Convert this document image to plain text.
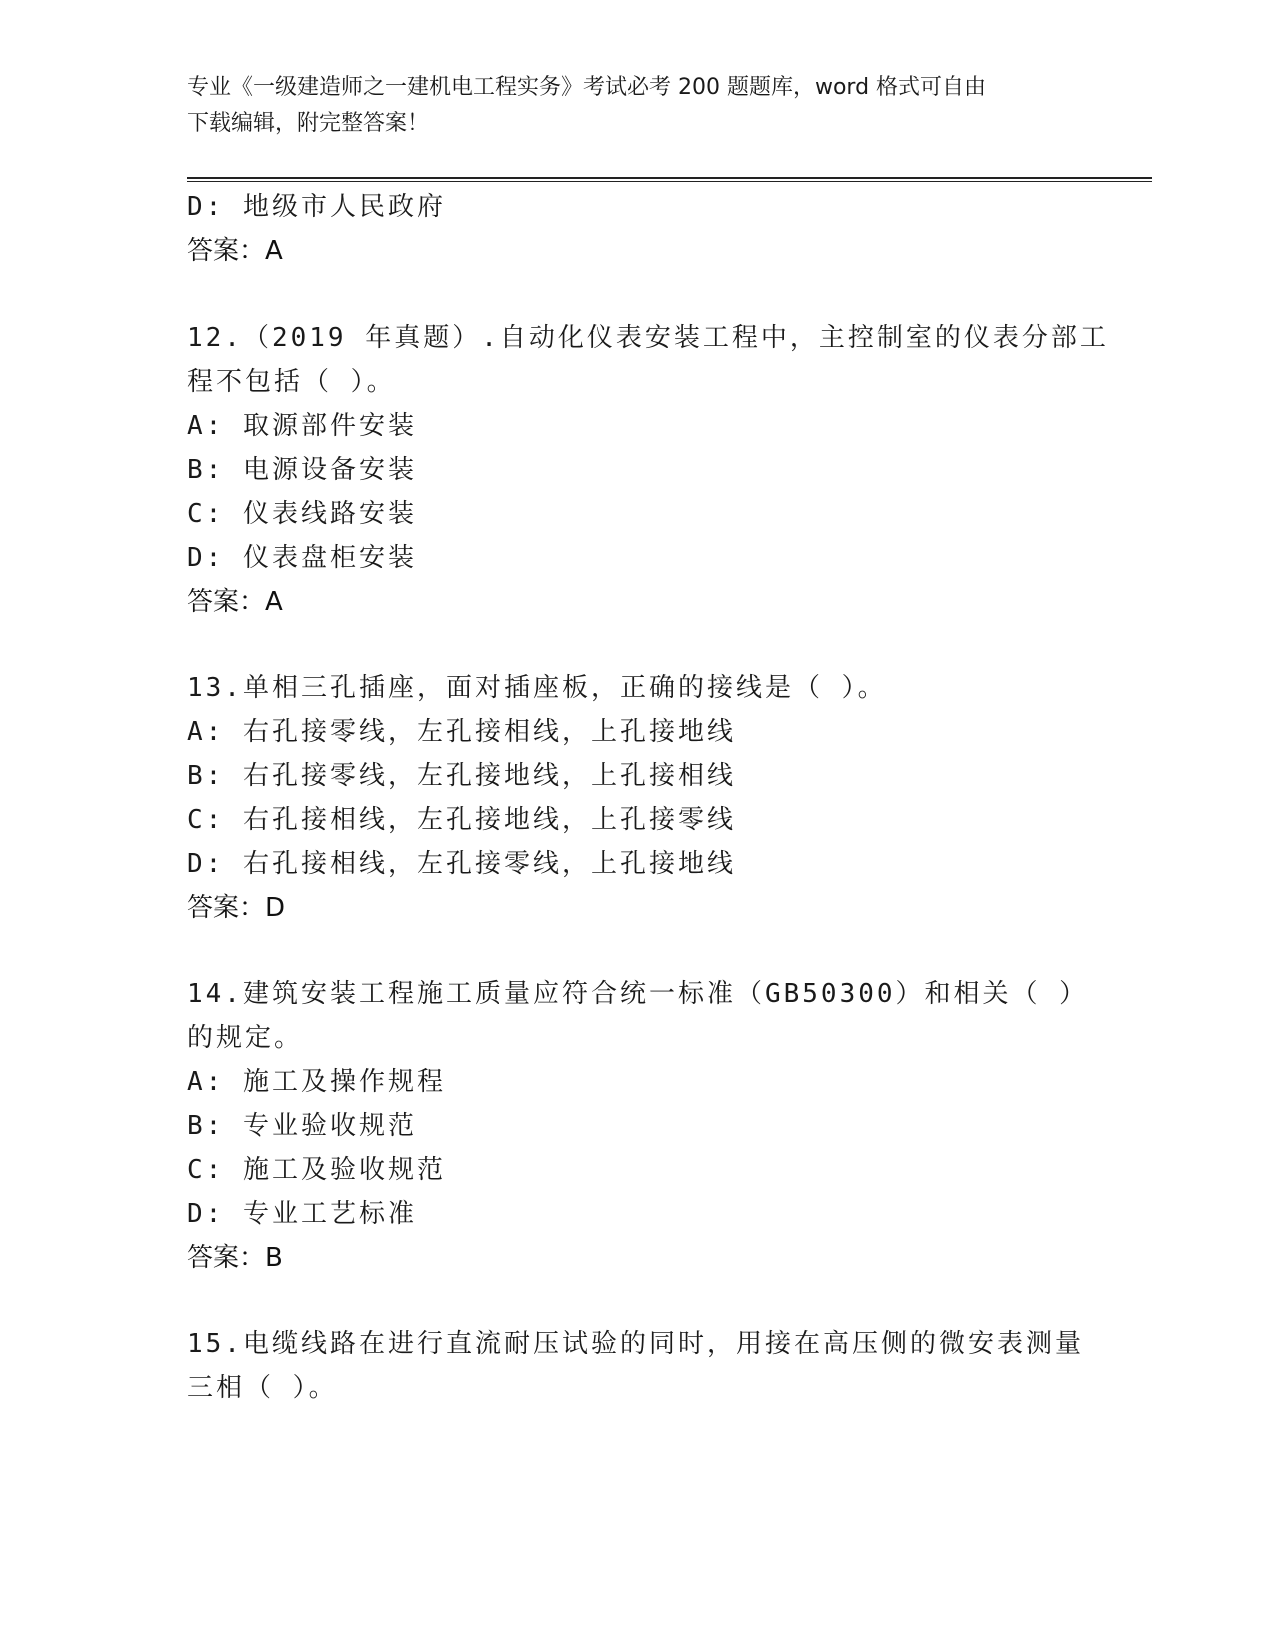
专业《一级建造师之一建机电工程实务》考试必考 200 题题库，word 格式可自由
下载编辑，附完整答案！
D: 地级市人民政府
答案：A
12.（2019 年真题）.自动化仪表安装工程中，主控制室的仪表分部工
程不包括（ ）。
A: 取源部件安装
B: 电源设备安装
C: 仪表线路安装
D: 仪表盘柜安装
答案：A
13.单相三孔插座，面对插座板，正确的接线是（ ）。
A: 右孔接零线，左孔接相线，上孔接地线
B: 右孔接零线，左孔接地线，上孔接相线
C: 右孔接相线，左孔接地线，上孔接零线
D: 右孔接相线，左孔接零线，上孔接地线
答案：D
14.建筑安装工程施工质量应符合统一标准（GB50300）和相关（ ）
的规定。
A: 施工及操作规程
B: 专业验收规范
C: 施工及验收规范
D: 专业工艺标准
答案：B
15.电缆线路在进行直流耐压试验的同时，用接在高压侧的微安表测量
三相（ ）。
